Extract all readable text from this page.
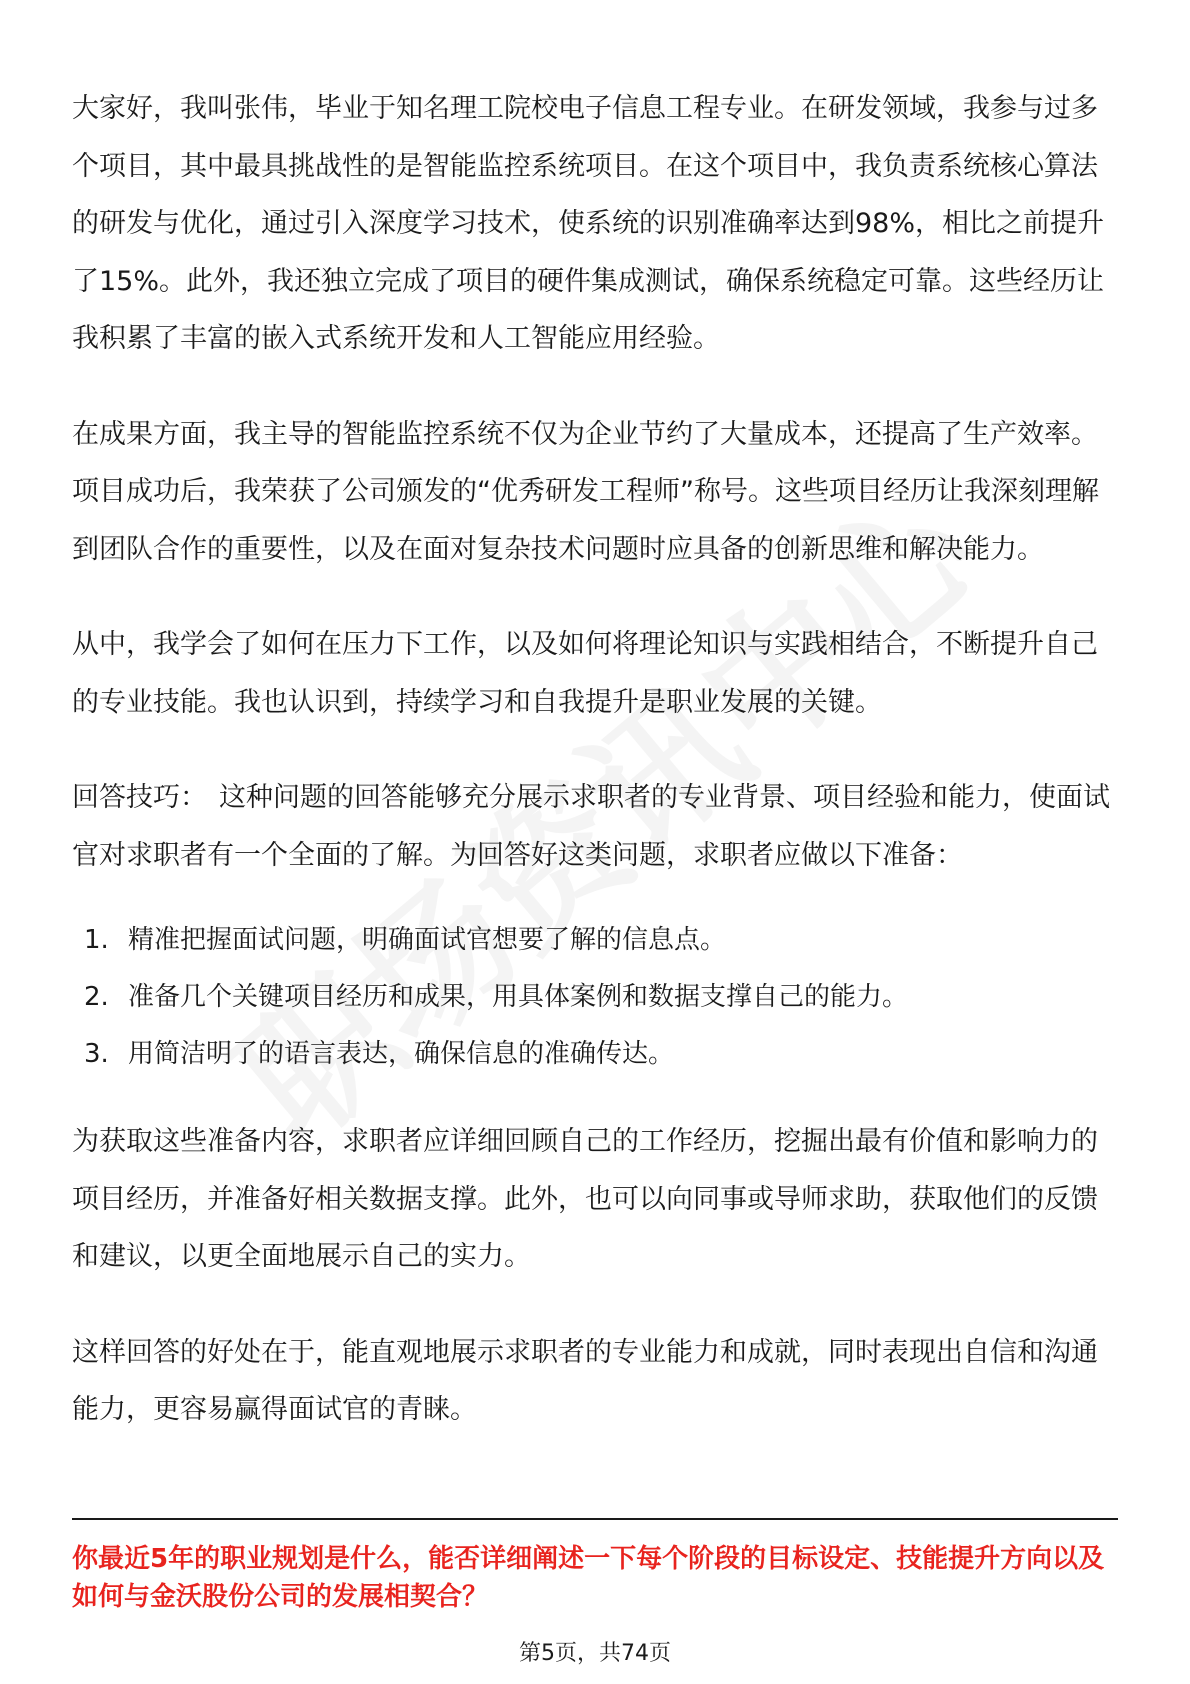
大家好，我叫张伟，毕业于知名理工院校电子信息工程专业。在研发领域，我参与过多个项目，其中最具挑战性的是智能监控系统项目。在这个项目中，我负责系统核心算法的研发与优化，通过引入深度学习技术，使系统的识别准确率达到98%，相比之前提升了15%。此外，我还独立完成了项目的硬件集成测试，确保系统稳定可靠。这些经历让我积累了丰富的嵌入式系统开发和人工智能应用经验。

在成果方面，我主导的智能监控系统不仅为企业节约了大量成本，还提高了生产效率。项目成功后，我荣获了公司颁发的“优秀研发工程师”称号。这些项目经历让我深刻理解到团队合作的重要性，以及在面对复杂技术问题时应具备的创新思维和解决能力。

从中，我学会了如何在压力下工作，以及如何将理论知识与实践相结合，不断提升自己的专业技能。我也认识到，持续学习和自我提升是职业发展的关键。

回答技巧： 这种问题的回答能够充分展示求职者的专业背景、项目经验和能力，使面试官对求职者有一个全面的了解。为回答好这类问题，求职者应做以下准备：

1. 精准把握面试问题，明确面试官想要了解的信息点。
2. 准备几个关键项目经历和成果，用具体案例和数据支撑自己的能力。
3. 用简洁明了的语言表达，确保信息的准确传达。

为获取这些准备内容，求职者应详细回顾自己的工作经历，挖掘出最有价值和影响力的项目经历，并准备好相关数据支撑。此外，也可以向同事或导师求助，获取他们的反馈和建议，以更全面地展示自己的实力。

这样回答的好处在于，能直观地展示求职者的专业能力和成就，同时表现出自信和沟通能力，更容易赢得面试官的青睐。

你最近5年的职业规划是什么，能否详细阐述一下每个阶段的目标设定、技能提升方向以及如何与金沃股份公司的发展相契合？

第5页，共74页
